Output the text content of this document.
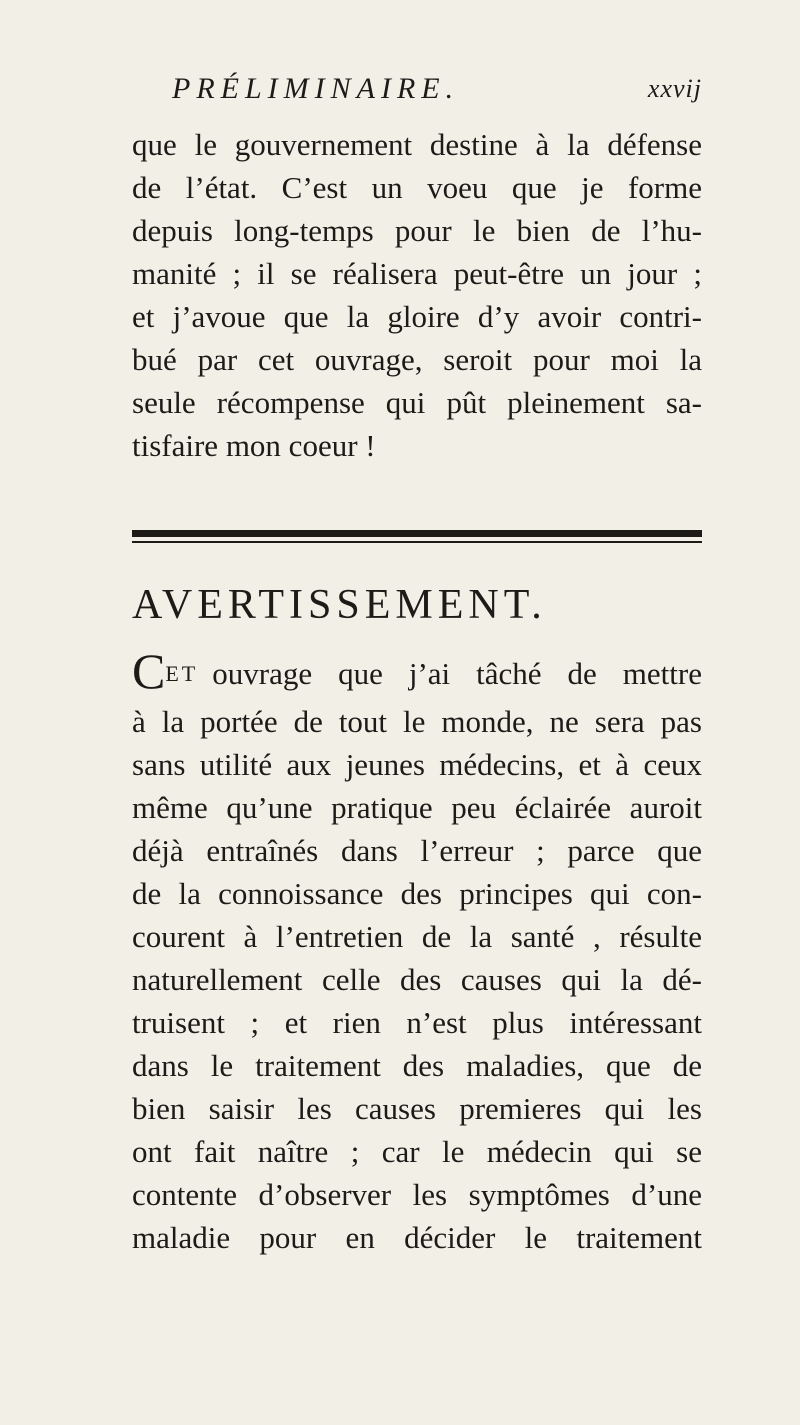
PRÉLIMINAIRE.	xxvij
que le gouvernement destine à la défense
de l’état. C’est un voeu que je forme
depuis long-temps pour le bien de l’hu-
manité ; il se réalisera peut-être un jour ;
et j’avoue que la gloire d’y avoir contri-
bué par cet ouvrage, seroit pour moi la
seule récompense qui pût pleinement sa-
tisfaire mon coeur !
AVERTISSEMENT.
C ET ouvrage que j’ai tâché de mettre
à la portée de tout le monde, ne sera pas
sans utilité aux jeunes médecins, et à ceux
même qu’une pratique peu éclairée auroit
déjà entraînés dans l’erreur ; parce que
de la connoissance des principes qui con-
courent à l’entretien de la santé , résulte
naturellement celle des causes qui la dé-
truisent ; et rien n’est plus intéressant
dans le traitement des maladies, que de
bien saisir les causes premieres qui les
ont fait naître ; car le médecin qui se
contente d’observer les symptômes d’une
maladie pour en décider le traitement
